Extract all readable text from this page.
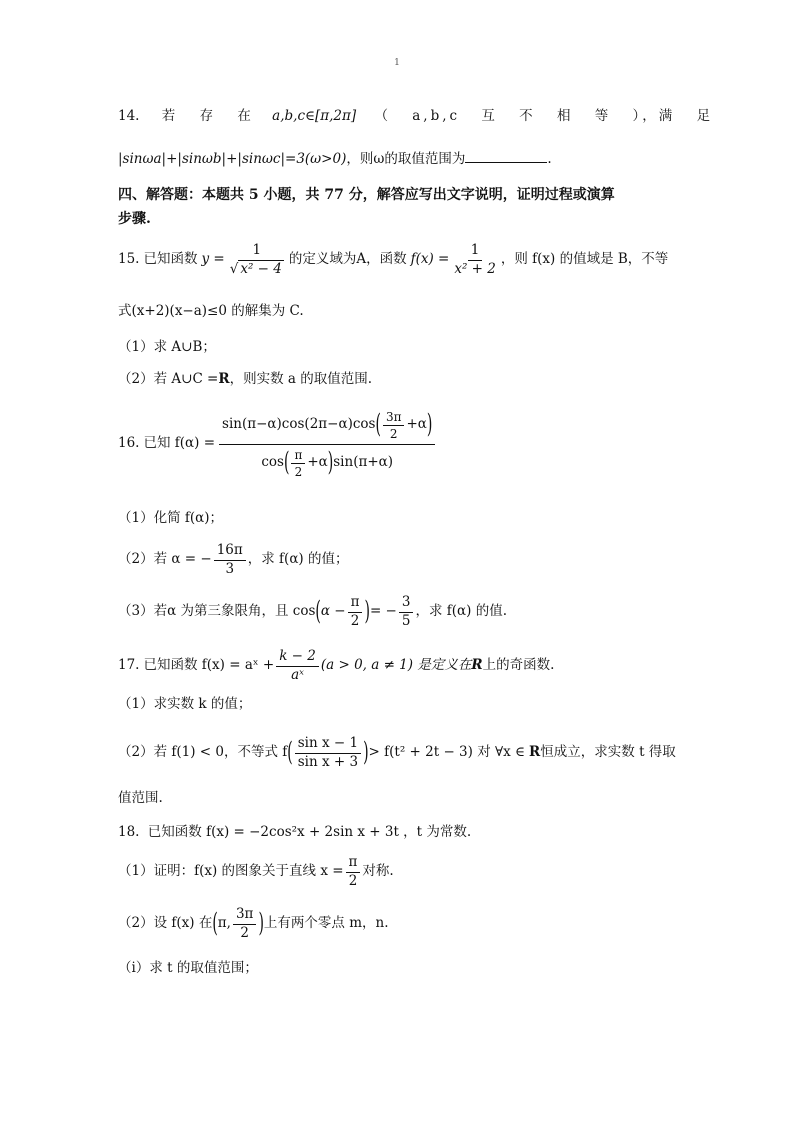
1
14. 若 存 在 a,b,c∈[π,2π] （ a,b,c 互 不 相 等 ），满 足
|sinωa|+|sinωb|+|sinωc|=3(ω>0)，则ω的取值范围为	.
四、解答题：本题共 5 小题，共 77 分，解答应写出文字说明，证明过程或演算
步骤.
15. 已知函数 $y = \frac{1}{\text{√ x² − 4}}$ 的定义域为A，函数 $f(x) = \frac{1}{\text{x² + 2}}$ ，则 f(x) 的值域是 B，不等
式(x+2)(x−a)≤0 的解集为 C.
（1）求 A∪B；
（2）若 A∪C =R，则实数 a 的取值范围.
16. 已知 f(α) =
sin(π−α)cos(2π−α)cos ( $\frac{3\pi}{2} +\alpha$ )
cos ( $\frac{\pi}{2} +\alpha$ ) sin(π+α)
（1）化简 f(α)；
（2）若 α = − $\frac{16\pi}{3}$ ，求 f(α) 的值；
（3）若α 为第三象限角，且 cos ( $\alpha - \frac{\pi}{2}$ ) = − $\frac{3}{5}$ ，求 f(α) 的值.
17. 已知函数 f(x) = aˣ + $\frac{k - 2}{\text{aˣ}} (a > 0$, a ≠ 1) 是定义在 R 上的奇函数.
（1）求实数 k 的值；
（2）若 f(1) < 0，不等式 f ( $\frac{\text{sin x − 1}}{\text{sin x + 3}}$ ) > f(t² + 2t − 3) 对 ∀x ∈ R 恒成立，求实数 t 得取
值范围.
18. 已知函数 f(x) = −2cos²x + 2sin x + 3t ，t 为常数.
（1）证明：f(x) 的图象关于直线 $x = \frac{\pi}{2}$ 对称.
（2）设 f(x) 在 ( π, $\frac{3\pi}{2}$ ) 上有两个零点 m，n.
（ⅰ）求 t 的取值范围；
